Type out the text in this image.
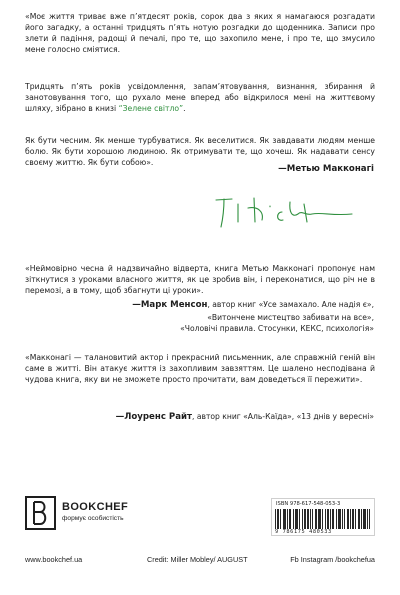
«Моє життя триває вже п’ятдесят років, сорок два з яких я намагаюся розгадати його загадку, а останні тридцять п’ять нотую розгадки до щоденника. Записи про злети й падіння, радощі й печалі, про те, що захопило мене, і про те, що змусило мене голосно сміятися.
Тридцять п’ять років усвідомлення, запам’ятовування, визнання, збирання й занотовування того, що рухало мене вперед або відкрилося мені на життєвому шляху, зібрано в книзі “Зелене світло”.
Як бути чесним. Як менше турбуватися. Як веселитися. Як завдавати людям менше болю. Як бути хорошою людиною. Як отримувати те, що хочеш. Як надавати сенсу своєму життю. Як бути собою».
—Метью Макконагі
«Неймовірно чесна й надзвичайно відверта, книга Метью Макконагі пропонує нам зіткнутися з уроками власного життя, як це зробив він, і переконатися, що річ не в перемозі, а в тому, щоб збагнути ці уроки».
—Марк Менсон, автор книг «Усе замахало. Але надія є»,
«Витончене мистецтво забивати на все»,
«Чоловічі правила. Стосунки, КЕКС, психологія»
«Макконагі — талановитий актор і прекрасний письменник, але справжній геній він саме в житті. Він атакує життя із захопливим завзяттям. Це шалено несподівана й чудова книга, яку ви не зможете просто прочитати, вам доведеться її пережити».
—Лоуренс Райт, автор книг «Аль-Каїда», «13 днів у вересні»
BOOKCHEF
формує особистість
ISBN 978-617-548-053-3
9 786175 480533
www.bookchef.ua	Credit: Miller Mobley/ AUGUST	Fb Instagram /bookchefua
